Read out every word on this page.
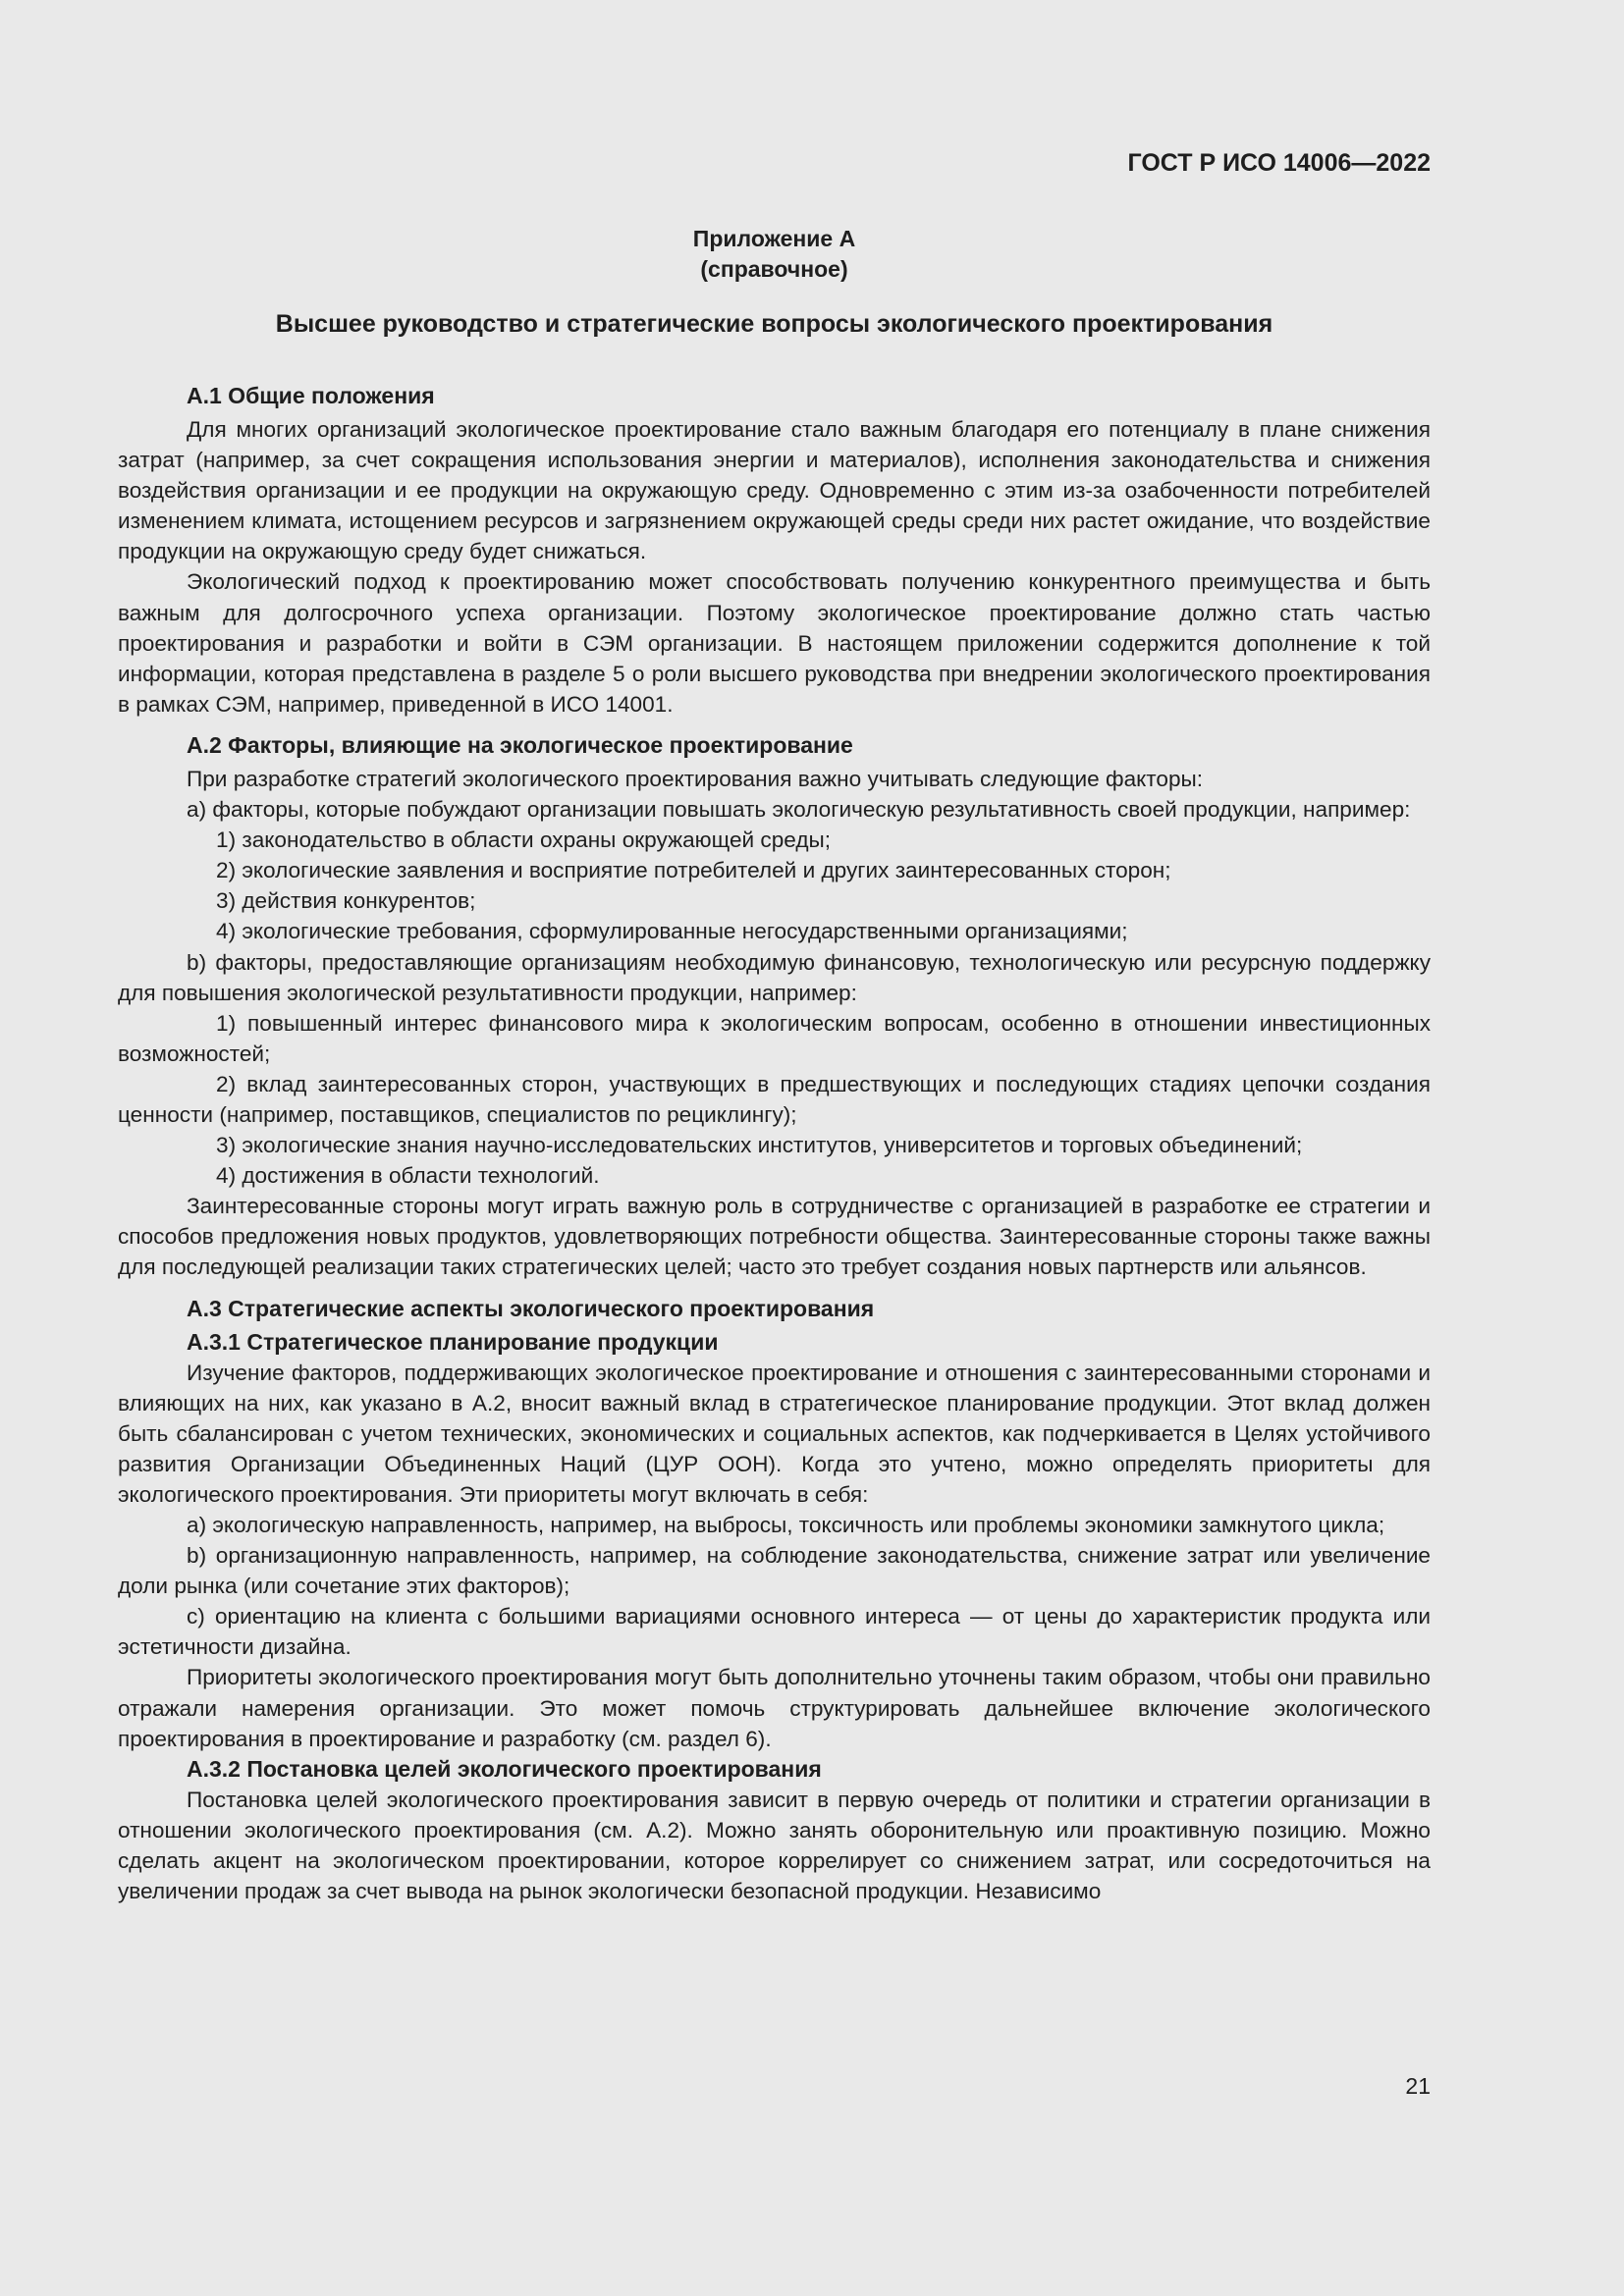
ГОСТ Р ИСО 14006—2022
Приложение А
(справочное)
Высшее руководство и стратегические вопросы экологического проектирования
А.1 Общие положения

Для многих организаций экологическое проектирование стало важным благодаря его потенциалу в плане снижения затрат (например, за счет сокращения использования энергии и материалов), исполнения законодательства и снижения воздействия организации и ее продукции на окружающую среду. Одновременно с этим из-за озабоченности потребителей изменением климата, истощением ресурсов и загрязнением окружающей среды среди них растет ожидание, что воздействие продукции на окружающую среду будет снижаться.

Экологический подход к проектированию может способствовать получению конкурентного преимущества и быть важным для долгосрочного успеха организации. Поэтому экологическое проектирование должно стать частью проектирования и разработки и войти в СЭМ организации. В настоящем приложении содержится дополнение к той информации, которая представлена в разделе 5 о роли высшего руководства при внедрении экологического проектирования в рамках СЭМ, например, приведенной в ИСО 14001.

А.2 Факторы, влияющие на экологическое проектирование

При разработке стратегий экологического проектирования важно учитывать следующие факторы:

a) факторы, которые побуждают организации повышать экологическую результативность своей продукции, например:

1) законодательство в области охраны окружающей среды;

2) экологические заявления и восприятие потребителей и других заинтересованных сторон;

3) действия конкурентов;

4) экологические требования, сформулированные негосударственными организациями;

b) факторы, предоставляющие организациям необходимую финансовую, технологическую или ресурсную поддержку для повышения экологической результативности продукции, например:

1) повышенный интерес финансового мира к экологическим вопросам, особенно в отношении инвестиционных возможностей;

2) вклад заинтересованных сторон, участвующих в предшествующих и последующих стадиях цепочки создания ценности (например, поставщиков, специалистов по рециклингу);

3) экологические знания научно-исследовательских институтов, университетов и торговых объединений;

4) достижения в области технологий.

Заинтересованные стороны могут играть важную роль в сотрудничестве с организацией в разработке ее стратегии и способов предложения новых продуктов, удовлетворяющих потребности общества. Заинтересованные стороны также важны для последующей реализации таких стратегических целей; часто это требует создания новых партнерств или альянсов.

А.3 Стратегические аспекты экологического проектирования
А.3.1 Стратегическое планирование продукции

Изучение факторов, поддерживающих экологическое проектирование и отношения с заинтересованными сторонами и влияющих на них, как указано в А.2, вносит важный вклад в стратегическое планирование продукции. Этот вклад должен быть сбалансирован с учетом технических, экономических и социальных аспектов, как подчеркивается в Целях устойчивого развития Организации Объединенных Наций (ЦУР ООН). Когда это учтено, можно определять приоритеты для экологического проектирования. Эти приоритеты могут включать в себя:

a) экологическую направленность, например, на выбросы, токсичность или проблемы экономики замкнутого цикла;

b) организационную направленность, например, на соблюдение законодательства, снижение затрат или увеличение доли рынка (или сочетание этих факторов);

c) ориентацию на клиента с большими вариациями основного интереса — от цены до характеристик продукта или эстетичности дизайна.

Приоритеты экологического проектирования могут быть дополнительно уточнены таким образом, чтобы они правильно отражали намерения организации. Это может помочь структурировать дальнейшее включение экологического проектирования в проектирование и разработку (см. раздел 6).

А.3.2 Постановка целей экологического проектирования

Постановка целей экологического проектирования зависит в первую очередь от политики и стратегии организации в отношении экологического проектирования (см. А.2). Можно занять оборонительную или проактивную позицию. Можно сделать акцент на экологическом проектировании, которое коррелирует со снижением затрат, или сосредоточиться на увеличении продаж за счет вывода на рынок экологически безопасной продукции. Независимо

21
